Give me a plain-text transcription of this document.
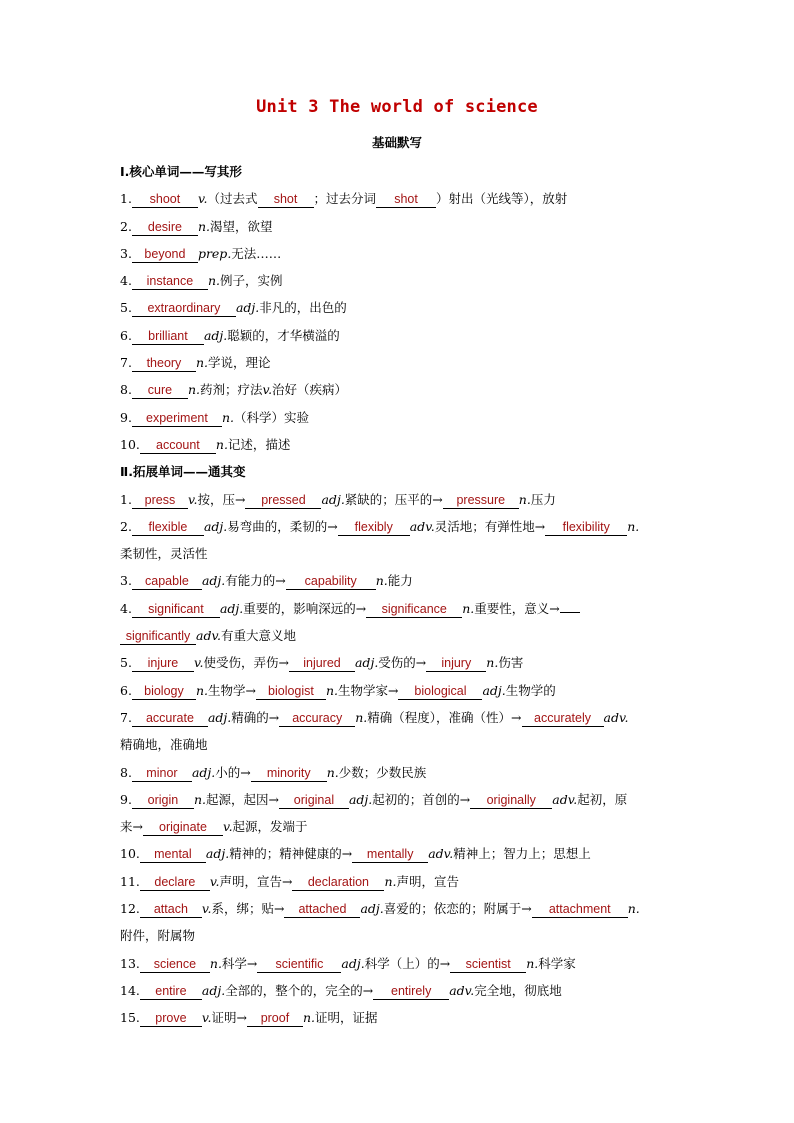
Unit 3 The world of science
基础默写
Ⅰ.核心单词——写其形
1. shoot v.（过去式 shot ；过去分词 shot ）射出（光线等），放射
2. desire n.渴望，欲望
3. beyond prep.无法……
4. instance n.例子，实例
5. extraordinary adj.非凡的，出色的
6. brilliant adj.聪颖的，才华横溢的
7. theory n.学说，理论
8. cure n.药剂；疗法v.治好（疾病）
9. experiment n.（科学）实验
10. account n.记述，描述
Ⅱ.拓展单词——通其变
1. press v.按，压→ pressed adj.紧缺的；压平的→ pressure n.压力
2. flexible adj.易弯曲的，柔韧的→ flexibly adv.灵活地；有弹性地→ flexibility n.
柔韧性，灵活性
3. capable adj.有能力的→ capability n.能力
4. significant adj.重要的，影响深远的→ significance n.重要性，意义→
significantly adv.有重大意义地
5. injure v.使受伤，弄伤→ injured adj.受伤的→ injury n.伤害
6. biology n.生物学→ biologist n.生物学家→ biological adj.生物学的
7. accurate adj.精确的→ accuracy n.精确（程度），准确（性）→ accurately adv.
精确地，准确地
8. minor adj.小的→ minority n.少数；少数民族
9. origin n.起源，起因→ original adj.起初的；首创的→ originally adv.起初，原
来→ originate v.起源，发端于
10. mental adj.精神的；精神健康的→ mentally adv.精神上；智力上；思想上
11. declare v.声明，宣告→ declaration n.声明，宣告
12. attach v.系，绑；贴→ attached adj.喜爱的；依恋的；附属于→ attachment n.
附件，附属物
13. science n.科学→ scientific adj.科学（上）的→ scientist n.科学家
14. entire adj.全部的，整个的，完全的→ entirely adv.完全地，彻底地
15. prove v.证明→ proof n.证明，证据
